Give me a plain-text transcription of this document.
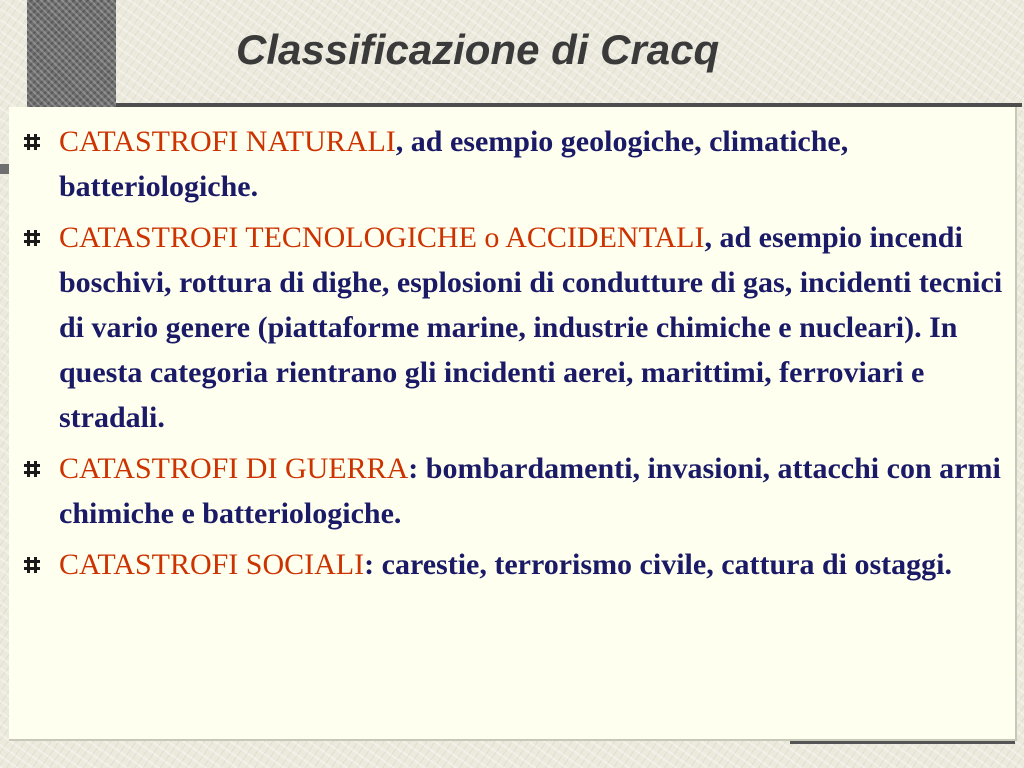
Classificazione di Cracq
CATASTROFI NATURALI, ad esempio geologiche, climatiche, batteriologiche.
CATASTROFI TECNOLOGICHE o ACCIDENTALI, ad esempio incendi boschivi, rottura di dighe, esplosioni di condutture di gas, incidenti tecnici di vario genere (piattaforme marine, industrie chimiche e nucleari). In questa categoria rientrano gli incidenti aerei, marittimi, ferroviari e stradali.
CATASTROFI DI GUERRA: bombardamenti, invasioni, attacchi con armi chimiche e batteriologiche.
CATASTROFI SOCIALI: carestie, terrorismo civile, cattura di ostaggi.
